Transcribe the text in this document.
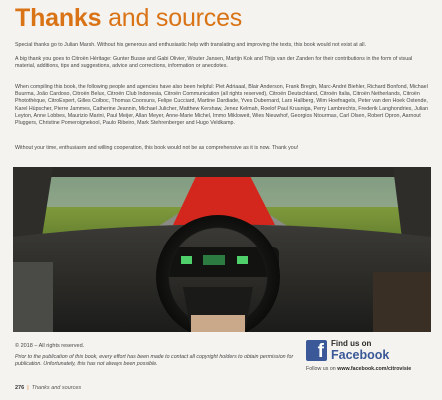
Thanks and sources

Special thanks go to Julian Marsh. Without his generous and enthusiastic help with translating and improving the texts, this book would not exist at all.

A big thank you goes to Citroën Héritage: Gunter Busse and Gabi Olivier, Wouter Jansen, Martijn Kok and Thijs van der Zanden for their contributions in the form of visual material, additions, tips and suggestions, advice and corrections, information or anecdotes.

When compiling this book, the following people and agencies have also been helpful: Piet Adriaaal, Blair Anderson, Frank Bregin, Marc-André Biehler, Richard Bonfond, Michael Buurma, João Cardoso, Citroën Belux, Citroën Club Indonesia, Citroën Communication (all rights reserved), Citroën Deutschland, Citroën Italia, Citroën Netherlands, Citroën Photothèque, CitroExpert, Gilles Colboc, Thomas Coorsuns, Felipe Cucciard, Martine Dardiade, Yves Dubernard, Lars Hallberg, Wim Hoefnagels, Peter van den Hoek Ostende, Karel Hüpscher, Pierre Jammes, Catherine Jeannin, Michael Julicher, Matthew Kershaw, Jenez Kelmah, Roelof Paul Kruuniga, Perry Lambrechts, Frederik Langhondries, Julian Leyton, Anne Lobbes, Maurizio Marini, Paul Meijer, Allan Meyer, Anne-Marie Michel, Immo Mikloweit, Wies Nieuwhof, Georgios Ntourmas, Carl Olsen, Robert Opron, Aarnout Pluggers, Christine Pomeroignekool, Paulo Ribeiro, Mark Stehrenberger and Hugo Veldkamp.

Without your time, enthusiasm and willing cooperation, this book would not be as comprehensive as it is now. Thank you!

© 2018 – All rights reserved.

Prior to the publication of this book, every effort has been made to contact all copyright holders to obtain permission for publication. Unfortunately, this has not always been possible.

f Find us on
Facebook
Follow us on www.facebook.com/citrovisie
276 | Thanks and sources
